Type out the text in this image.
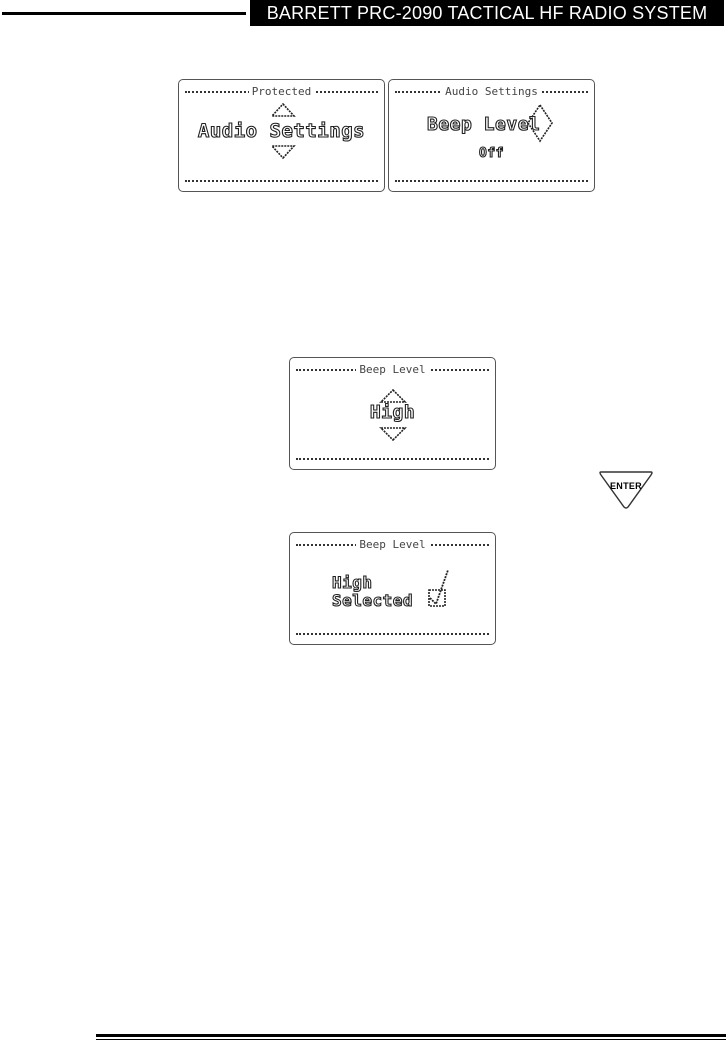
BARRETT PRC-2090 TACTICAL HF RADIO SYSTEM
Protected
Audio Settings
Audio Settings
Beep Level
Off
Beep Level
High
ENTER
Beep Level
High
Selected
